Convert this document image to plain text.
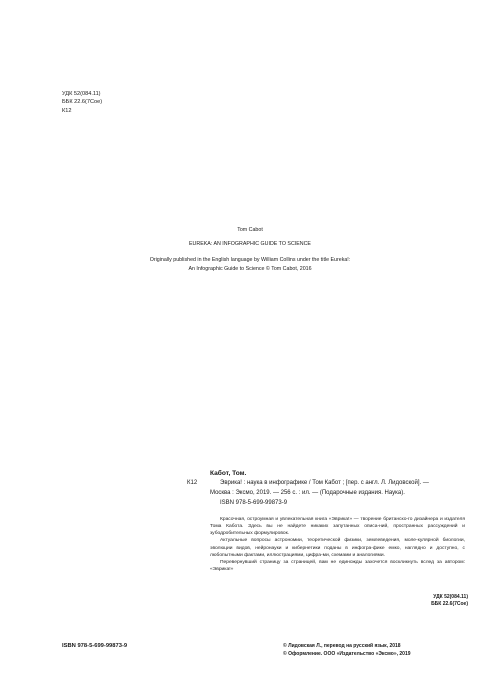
УДК 52(084.11)
ББК 22.6(7Сое)
К12
Tom Cabot
EUREKA: AN INFOGRAPHIC GUIDE TO SCIENCE
Originally published in the English language by William Collins under the title Eureka!:
An Infographic Guide to Science © Tom Cabot, 2016
К12
Кабот, Том.
Эврика! : наука в инфографике / Том Кабот ; [пер. с англ. Л. Лидовской]. —
Москва : Эксмо, 2019. — 256 с. : ил. — (Подарочные издания. Наука).
ISBN 978-5-699-99873-9

Красочная, остроумная и увлекательная книга «Эврика!» — творение британско-го дизайнера и издателя Тома Кабота. Здесь вы не найдете никаких запутанных описа-ний, пространных рассуждений и зубодробительных формулировок.

Актуальные вопросы астрономии, теоретической физики, землеведения, моле-кулярной биологии, эволюции видов, нейронауки и кибернетики поданы в инфогра-фике емко, наглядно и доступно, с любопытными фактами, иллюстрациями, цифра-ми, схемами и аналогиями.

Перевернувший страницу за страницей, вам не единожды захочется воскликнуть вслед за автором: «Эврика!»

УДК 52(084.11)
ББК 22.6(7Сое)
ISBN 978-5-699-99873-9	© Лидовская Л., перевод на русский язык, 2018
© Оформление. ООО «Издательство «Эксмо», 2019
